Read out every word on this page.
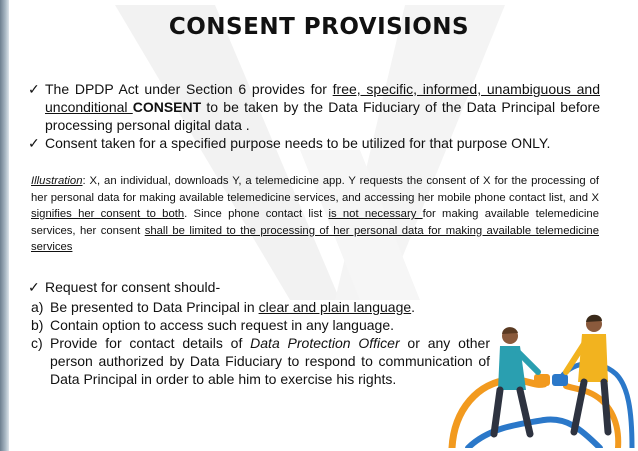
CONSENT PROVISIONS
✓ The DPDP Act under Section 6 provides for free, specific, informed, unambiguous and unconditional CONSENT to be taken by the Data Fiduciary of the Data Principal before processing personal digital data .
✓ Consent taken for a specified purpose needs to be utilized for that purpose ONLY.
Illustration: X, an individual, downloads Y, a telemedicine app. Y requests the consent of X for the processing of her personal data for making available telemedicine services, and accessing her mobile phone contact list, and X signifies her consent to both. Since phone contact list is not necessary for making available telemedicine services, her consent shall be limited to the processing of her personal data for making available telemedicine services
✓ Request for consent should-
a) Be presented to Data Principal in clear and plain language.
b) Contain option to access such request in any language.
c) Provide for contact details of Data Protection Officer or any other person authorized by Data Fiduciary to respond to communication of Data Principal in order to able him to exercise his rights.
